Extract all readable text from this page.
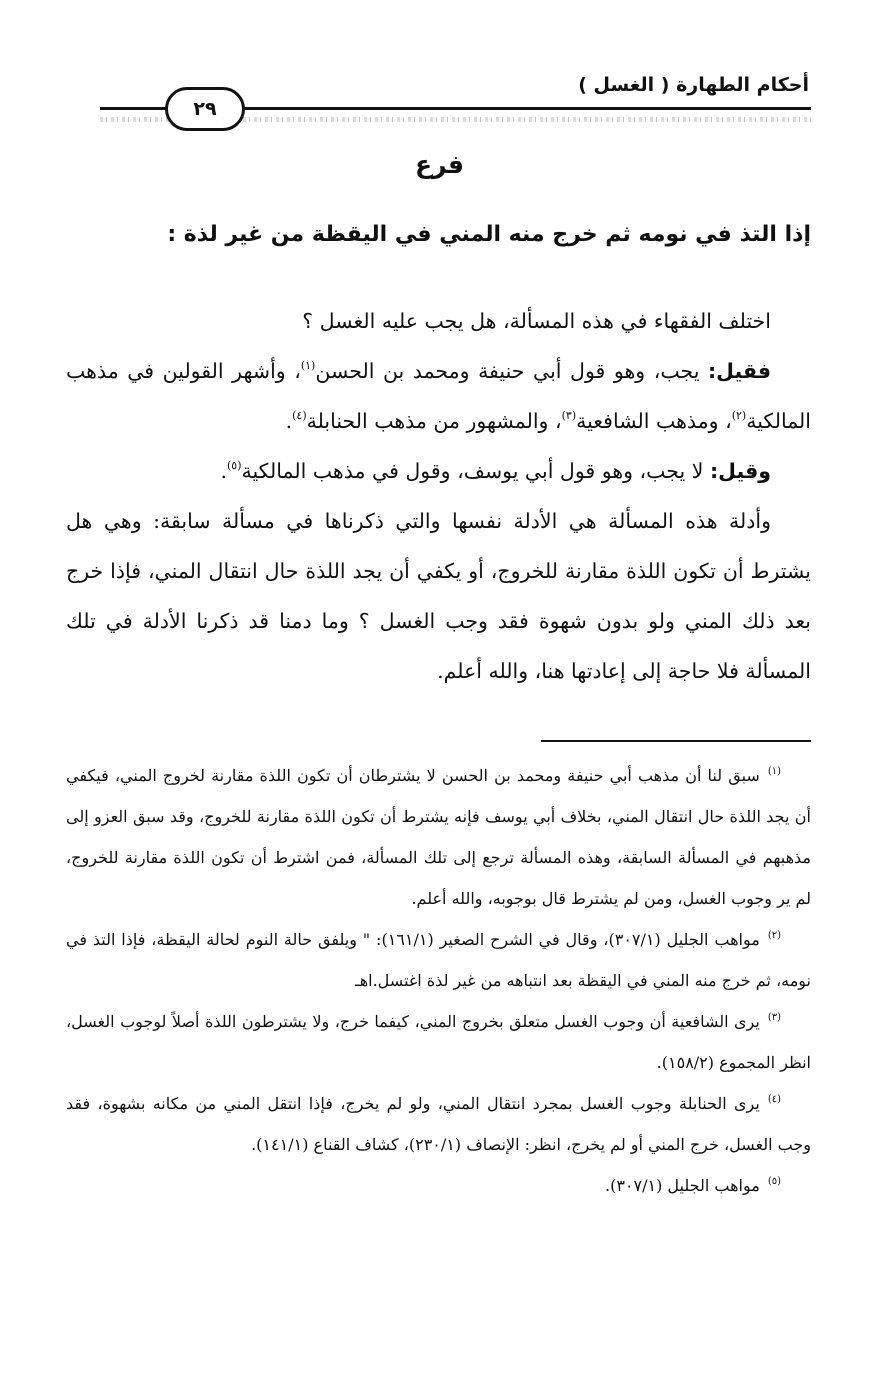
أحكام الطهارة ( الغسل )
٢٩
فرع
إذا التذ في نومه ثم خرج منه المني في اليقظة من غير لذة :

اختلف الفقهاء في هذه المسألة، هل يجب عليه الغسل ؟

فقيل: يجب، وهو قول أبي حنيفة ومحمد بن الحسن$^{(١)}$، وأشهر القولين في مذهب المالكية$^{(٢)}$، ومذهب الشافعية$^{(٣)}$، والمشهور من مذهب الحنابلة$^{(٤)}$.

وقيل: لا يجب، وهو قول أبي يوسف، وقول في مذهب المالكية$^{(٥)}$.

وأدلة هذه المسألة هي الأدلة نفسها والتي ذكرناها في مسألة سابقة: وهي هل يشترط أن تكون اللذة مقارنة للخروج، أو يكفي أن يجد اللذة حال انتقال المني، فإذا خرج بعد ذلك المني ولو بدون شهوة فقد وجب الغسل ؟ وما دمنا قد ذكرنا الأدلة في تلك المسألة فلا حاجة إلى إعادتها هنا، والله أعلم.

$^{(١)}$سبق لنا أن مذهب أبي حنيفة ومحمد بن الحسن لا يشترطان أن تكون اللذة مقارنة لخروج المني، فيكفي أن يجد اللذة حال انتقال المني، بخلاف أبي يوسف فإنه يشترط أن تكون اللذة مقارنة للخروج، وقد سبق العزو إلى مذهبهم في المسألة السابقة، وهذه المسألة ترجع إلى تلك المسألة، فمن اشترط أن تكون اللذة مقارنة للخروج، لم ير وجوب الغسل، ومن لم يشترط قال بوجوبه، والله أعلم.

$^{(٢)}$مواهب الجليل (٣٠٧/١)، وقال في الشرح الصغير (١٦١/١): " ويلفق حالة النوم لحالة اليقظة، فإذا التذ في نومه، ثم خرج منه المني في اليقظة بعد انتباهه من غير لذة اغتسل.اهـ

$^{(٣)}$يرى الشافعية أن وجوب الغسل متعلق بخروج المني، كيفما خرج، ولا يشترطون اللذة أصلاً لوجوب الغسل، انظر المجموع (١٥٨/٢).

$^{(٤)}$يرى الحنابلة وجوب الغسل بمجرد انتقال المني، ولو لم يخرج، فإذا انتقل المني من مكانه بشهوة، فقد وجب الغسل، خرج المني أو لم يخرج، انظر: الإنصاف (٢٣٠/١)، كشاف القناع (١٤١/١).

$^{(٥)}$مواهب الجليل (٣٠٧/١).
